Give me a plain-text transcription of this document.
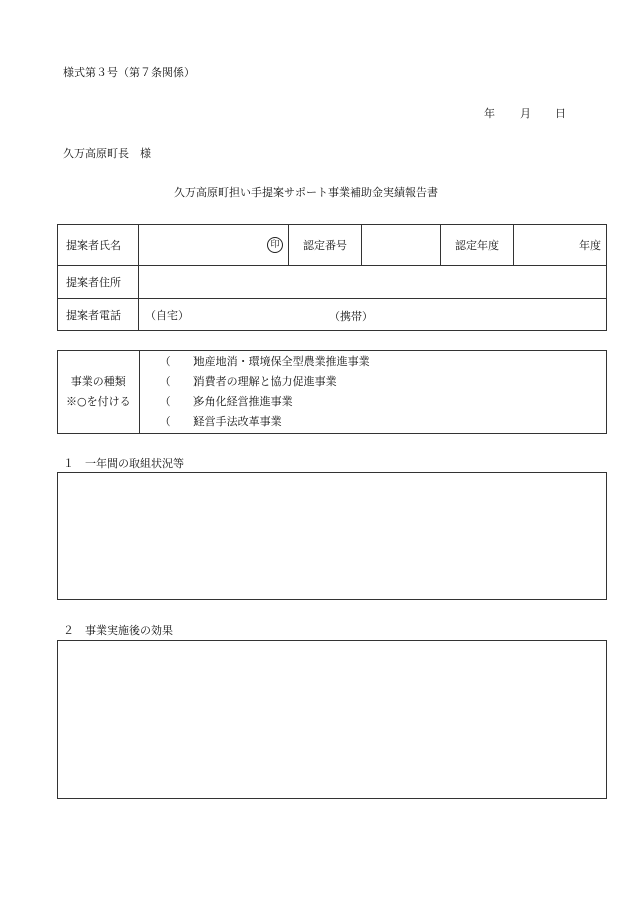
様式第３号（第７条関係）
年 月 日
久万高原町長　様
久万高原町担い手提案サポート事業補助金実績報告書
提案者氏名	印	認定番号		認定年度	年度
提案者住所					
提案者電話	（自宅） （携帯）				
事業の種類
※○を付ける

（　　）地産地消・環境保全型農業推進事業
（　　）消費者の理解と協力促進事業
（　　）多角化経営推進事業
（　　）経営手法改革事業
１　一年間の取組状況等
２　事業実施後の効果
